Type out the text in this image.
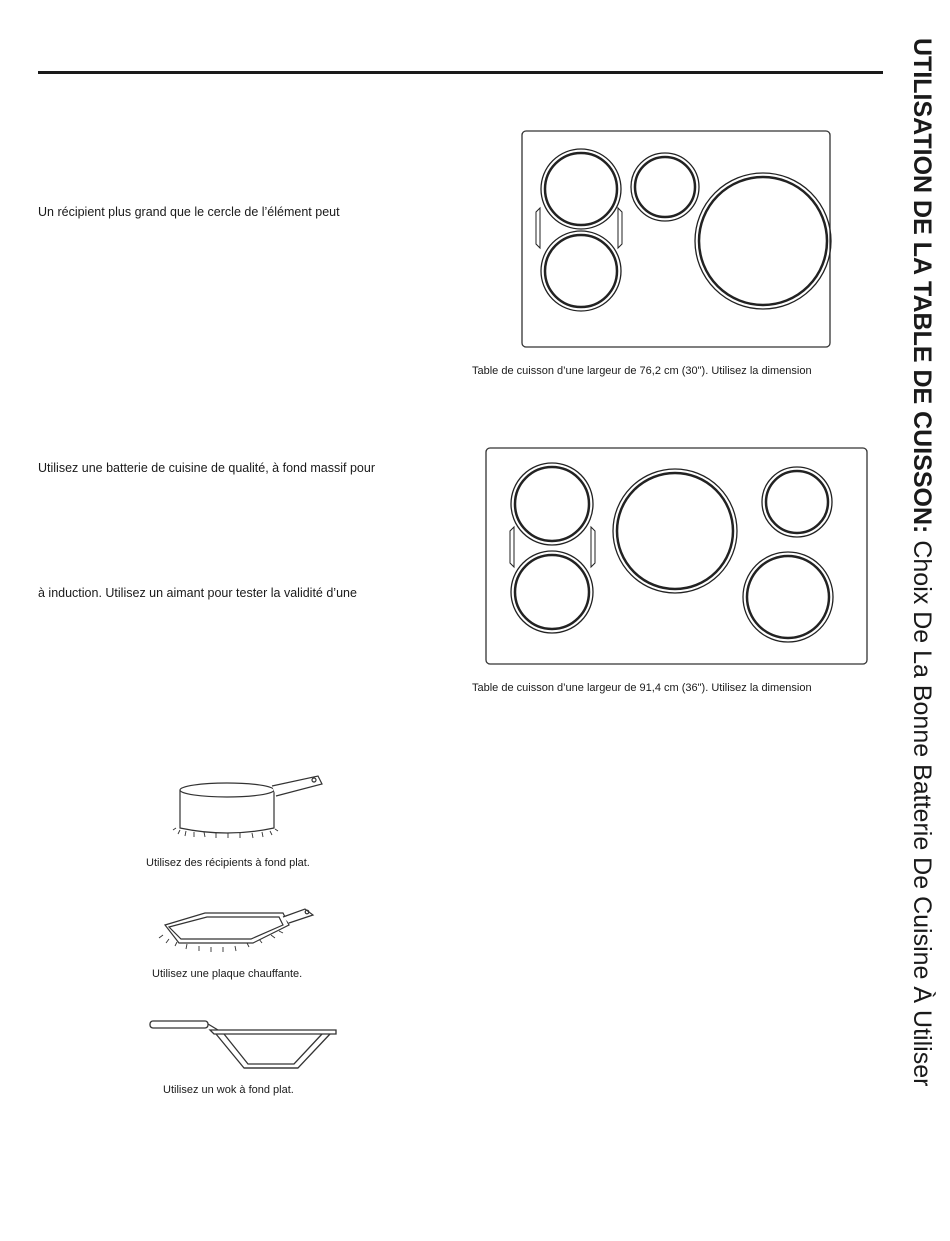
UTILISATION DE LA TABLE DE CUISSON: Choix De La Bonne Batterie De Cuisine À Utiliser
Un récipient plus grand que le cercle de l’élément peut
Utilisez une batterie de cuisine de qualité, à fond massif pour
à induction. Utilisez un aimant pour tester la validité d’une
Table de cuisson d’une largeur de 76,2 cm (30"). Utilisez la dimension
Table de cuisson d’une largeur de 91,4 cm (36"). Utilisez la dimension
Utilisez des récipients à fond plat.
Utilisez une plaque chauffante.
Utilisez un wok à fond plat.
